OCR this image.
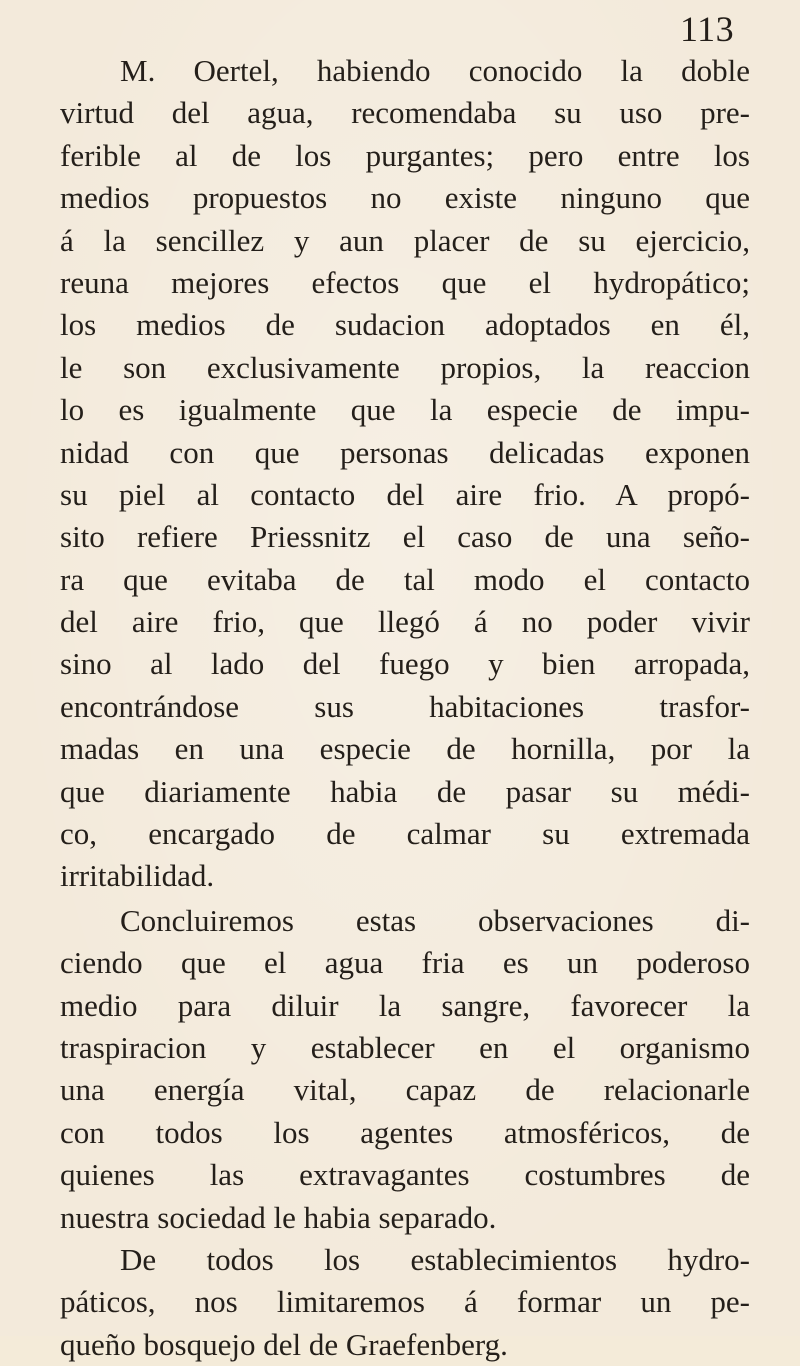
113
M. Oertel, habiendo conocido la doble
virtud del agua, recomendaba su uso pre-
ferible al de los purgantes; pero entre los
medios propuestos no existe ninguno que
á la sencillez y aun placer de su ejercicio,
reuna mejores efectos que el hydropático;
los medios de sudacion adoptados en él,
le son exclusivamente propios, la reaccion
lo es igualmente que la especie de impu-
nidad con que personas delicadas exponen
su piel al contacto del aire frio. A propó-
sito refiere Priessnitz el caso de una seño-
ra que evitaba de tal modo el contacto
del aire frio, que llegó á no poder vivir
sino al lado del fuego y bien arropada,
encontrándose sus habitaciones trasfor-
madas en una especie de hornilla, por la
que diariamente habia de pasar su médi-
co, encargado de calmar su extremada
irritabilidad.
Concluiremos estas observaciones di-
ciendo que el agua fria es un poderoso
medio para diluir la sangre, favorecer la
traspiracion y establecer en el organismo
una energía vital, capaz de relacionarle
con todos los agentes atmosféricos, de
quienes las extravagantes costumbres de
nuestra sociedad le habia separado.
De todos los establecimientos hydro-
páticos, nos limitaremos á formar un pe-
queño bosquejo del de Graefenberg.
